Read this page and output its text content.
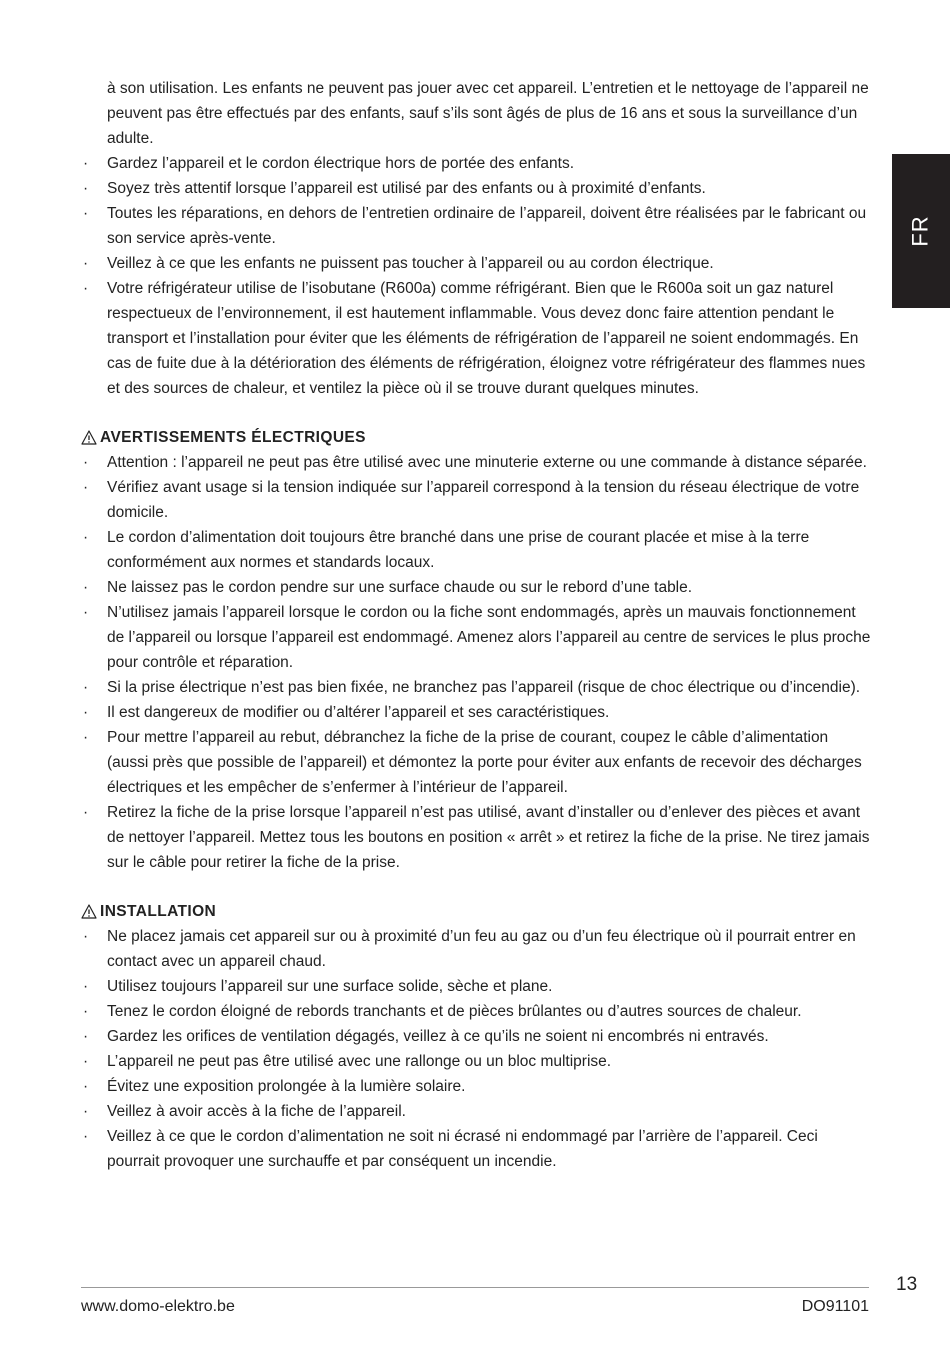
FR

à son utilisation. Les enfants ne peuvent pas jouer avec cet appareil. L’entretien et le nettoyage de l’appareil ne peuvent pas être effectués par des enfants, sauf s’ils sont âgés de plus de 16 ans et sous la surveillance d’un adulte.

· Gardez l’appareil et le cordon électrique hors de portée des enfants.
· Soyez très attentif lorsque l’appareil est utilisé par des enfants ou à proximité d’enfants.
· Toutes les réparations, en dehors de l’entretien ordinaire de l’appareil, doivent être réalisées par le fabricant ou son service après-vente.
· Veillez à ce que les enfants ne puissent pas toucher à l’appareil ou au cordon électrique.
· Votre réfrigérateur utilise de l’isobutane (R600a) comme réfrigérant. Bien que le R600a soit un gaz naturel respectueux de l’environnement, il est hautement inflammable. Vous devez donc faire attention pendant le transport et l’installation pour éviter que les éléments de réfrigération de l’appareil ne soient endommagés. En cas de fuite due à la détérioration des éléments de réfrigération, éloignez votre réfrigérateur des flammes nues et des sources de chaleur, et ventilez la pièce où il se trouve durant quelques minutes.
AVERTISSEMENTS ÉLECTRIQUES
· Attention : l’appareil ne peut pas être utilisé avec une minuterie externe ou une commande à distance séparée.
· Vérifiez avant usage si la tension indiquée sur l’appareil correspond à la tension du réseau électrique de votre domicile.
· Le cordon d’alimentation doit toujours être branché dans une prise de courant placée et mise à la terre conformément aux normes et standards locaux.
· Ne laissez pas le cordon pendre sur une surface chaude ou sur le rebord d’une table.
· N’utilisez jamais l’appareil lorsque le cordon ou la fiche sont endommagés, après un mauvais fonctionnement de l’appareil ou lorsque l’appareil est endommagé. Amenez alors l’appareil au centre de services le plus proche pour contrôle et réparation.
· Si la prise électrique n’est pas bien fixée, ne branchez pas l’appareil (risque de choc électrique ou d’incendie).
· Il est dangereux de modifier ou d’altérer l’appareil et ses caractéristiques.
· Pour mettre l’appareil au rebut, débranchez la fiche de la prise de courant, coupez le câble d’alimentation (aussi près que possible de l’appareil) et démontez la porte pour éviter aux enfants de recevoir des décharges électriques et les empêcher de s’enfermer à l’intérieur de l’appareil.
· Retirez la fiche de la prise lorsque l’appareil n’est pas utilisé, avant d’installer ou d’enlever des pièces et avant de nettoyer l’appareil. Mettez tous les boutons en position « arrêt » et retirez la fiche de la prise. Ne tirez jamais sur le câble pour retirer la fiche de la prise.
INSTALLATION
· Ne placez jamais cet appareil sur ou à proximité d’un feu au gaz ou d’un feu électrique où il pourrait entrer en contact avec un appareil chaud.
· Utilisez toujours l’appareil sur une surface solide, sèche et plane.
· Tenez le cordon éloigné de rebords tranchants et de pièces brûlantes ou d’autres sources de chaleur.
· Gardez les orifices de ventilation dégagés, veillez à ce qu’ils ne soient ni encombrés ni entravés.
· L’appareil ne peut pas être utilisé avec une rallonge ou un bloc multiprise.
· Évitez une exposition prolongée à la lumière solaire.
· Veillez à avoir accès à la fiche de l’appareil.
· Veillez à ce que le cordon d’alimentation ne soit ni écrasé ni endommagé par l’arrière de l’appareil. Ceci pourrait provoquer une surchauffe et par conséquent un incendie.
13
www.domo-elektro.be	DO91101
